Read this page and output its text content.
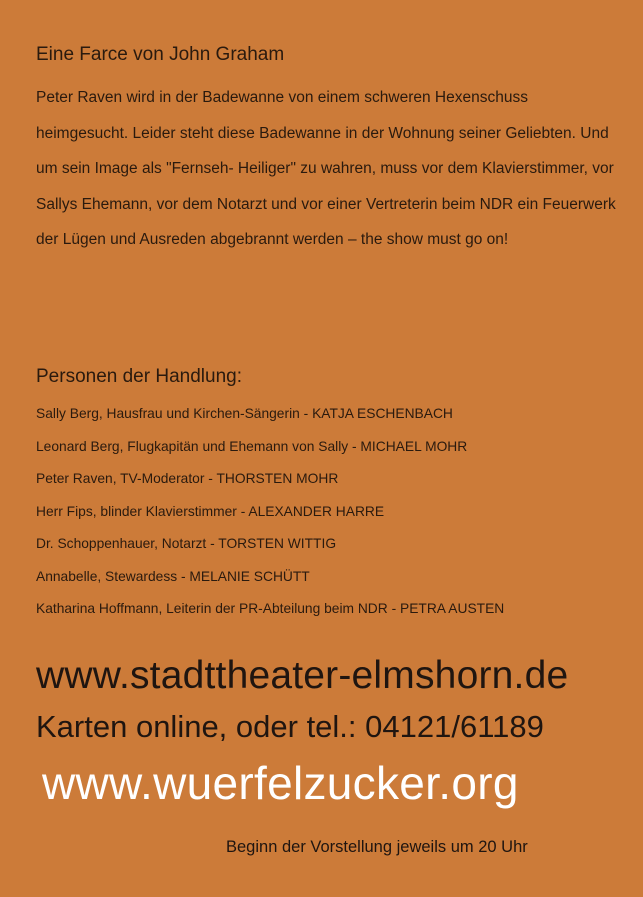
Eine Farce von John Graham
Peter Raven wird in der Badewanne von einem schweren Hexenschuss heimgesucht. Leider steht diese Badewanne in der Wohnung seiner Geliebten. Und um sein Image als "Fernseh- Heiliger" zu wahren, muss vor dem Klavierstimmer, vor Sallys Ehemann, vor dem Notarzt und vor einer Vertreterin beim NDR ein Feuerwerk der Lügen und Ausreden abgebrannt werden – the show must go on!
Personen der Handlung:
Sally Berg, Hausfrau und Kirchen-Sängerin - KATJA ESCHENBACH
Leonard Berg, Flugkapitän und Ehemann von Sally - MICHAEL MOHR
Peter Raven, TV-Moderator - THORSTEN MOHR
Herr Fips, blinder Klavierstimmer - ALEXANDER HARRE
Dr. Schoppenhauer, Notarzt - TORSTEN WITTIG
Annabelle, Stewardess - MELANIE SCHÜTT
Katharina Hoffmann, Leiterin der PR-Abteilung beim NDR - PETRA AUSTEN
www.stadttheater-elmshorn.de
Karten online, oder tel.: 04121/61189
www.wuerfelzucker.org
Beginn der Vorstellung jeweils um 20 Uhr
